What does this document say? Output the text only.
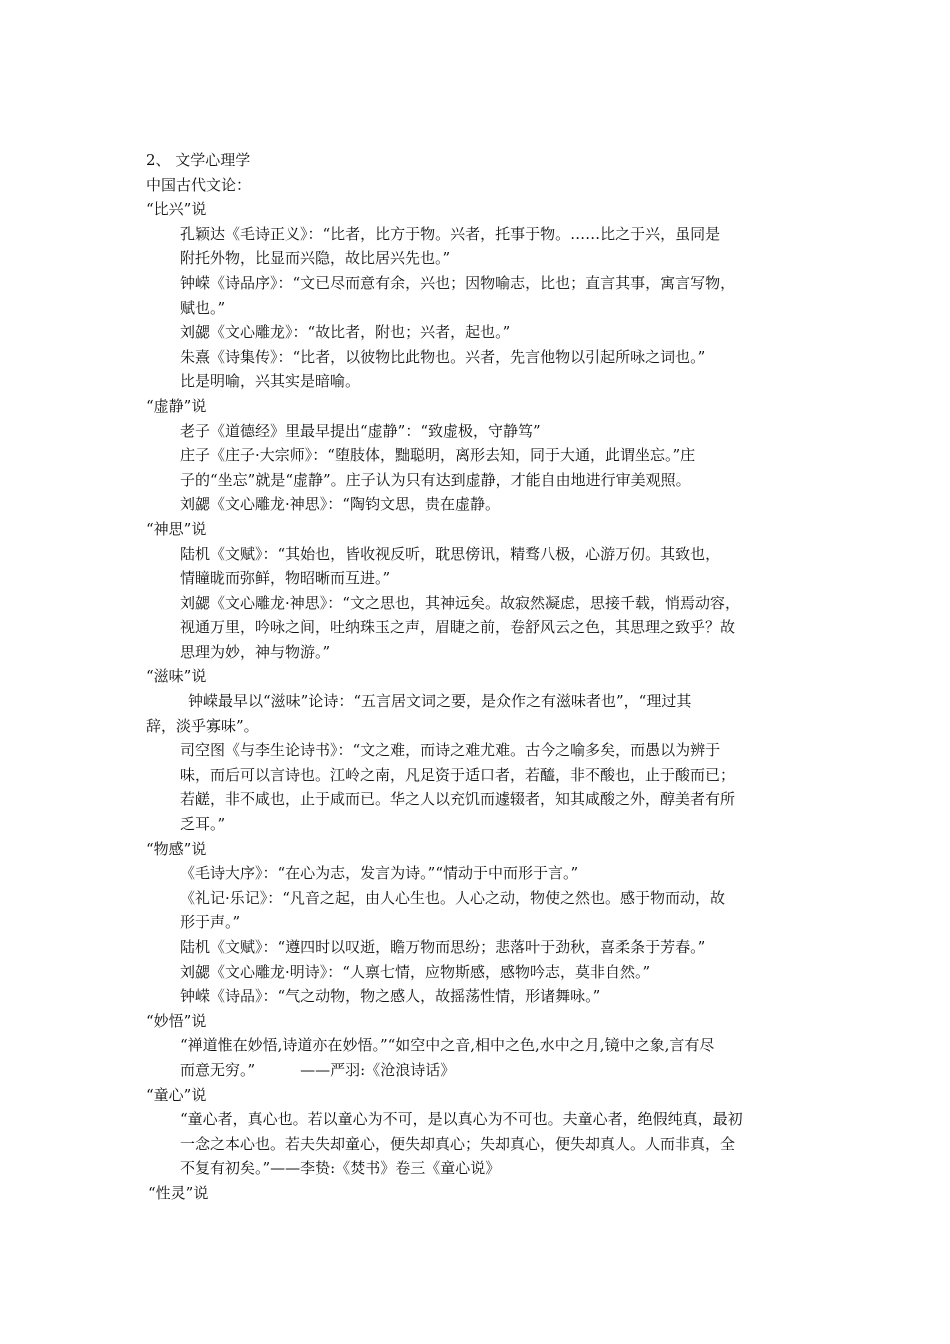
2、 文学心理学
中国古代文论：
“比兴”说
孔颖达《毛诗正义》：“比者，比方于物。兴者，托事于物。……比之于兴，虽同是
附托外物，比显而兴隐，故比居兴先也。”
钟嵘《诗品序》：“文已尽而意有余，兴也；因物喻志，比也；直言其事，寓言写物，
赋也。”
刘勰《文心雕龙》：“故比者，附也；兴者，起也。”
朱熹《诗集传》：“比者，以彼物比此物也。兴者，先言他物以引起所咏之词也。”
比是明喻，兴其实是暗喻。
“虚静”说
老子《道德经》里最早提出“虚静”：“致虚极，守静笃”
庄子《庄子·大宗师》：“堕肢体，黜聪明，离形去知，同于大通，此谓坐忘。”庄
子的“坐忘”就是“虚静”。庄子认为只有达到虚静，才能自由地进行审美观照。
刘勰《文心雕龙·神思》：“陶钧文思，贵在虚静。
“神思”说
陆机《文赋》：“其始也，皆收视反听，耽思傍讯，精骛八极，心游万仞。其致也，
情瞳昽而弥鲜，物昭晰而互进。”
刘勰《文心雕龙·神思》：“文之思也，其神远矣。故寂然凝虑，思接千载，悄焉动容，
视通万里，吟咏之间，吐纳珠玉之声，眉睫之前，卷舒风云之色，其思理之致乎？故
思理为妙，神与物游。”
“滋味”说
钟嵘最早以“滋味”论诗：“五言居文词之要，是众作之有滋味者也”，“理过其
辞，淡乎寡味”。
司空图《与李生论诗书》：“文之难，而诗之难尤难。古今之喻多矣，而愚以为辨于
味，而后可以言诗也。江岭之南，凡足资于适口者，若醯，非不酸也，止于酸而已；
若鹾，非不咸也，止于咸而已。华之人以充饥而遽辍者，知其咸酸之外，醇美者有所
乏耳。”
“物感”说
《毛诗大序》：“在心为志，发言为诗。”“情动于中而形于言。”
《礼记·乐记》：“凡音之起，由人心生也。人心之动，物使之然也。感于物而动，故
形于声。”
陆机《文赋》：“遵四时以叹逝，瞻万物而思纷；悲落叶于劲秋，喜柔条于芳春。”
刘勰《文心雕龙·明诗》：“人禀七情，应物斯感，感物吟志，莫非自然。”
钟嵘《诗品》：“气之动物，物之感人，故摇荡性情，形诸舞咏。”
“妙悟”说
“禅道惟在妙悟,诗道亦在妙悟。”“如空中之音,相中之色,水中之月,镜中之象,言有尽
而意无穷。”　　　——严羽:《沧浪诗话》
“童心”说
“童心者，真心也。若以童心为不可，是以真心为不可也。夫童心者，绝假纯真，最初
一念之本心也。若夫失却童心，便失却真心；失却真心，便失却真人。人而非真，全
不复有初矣。”——李贽:《焚书》卷三《童心说》
“性灵”说
